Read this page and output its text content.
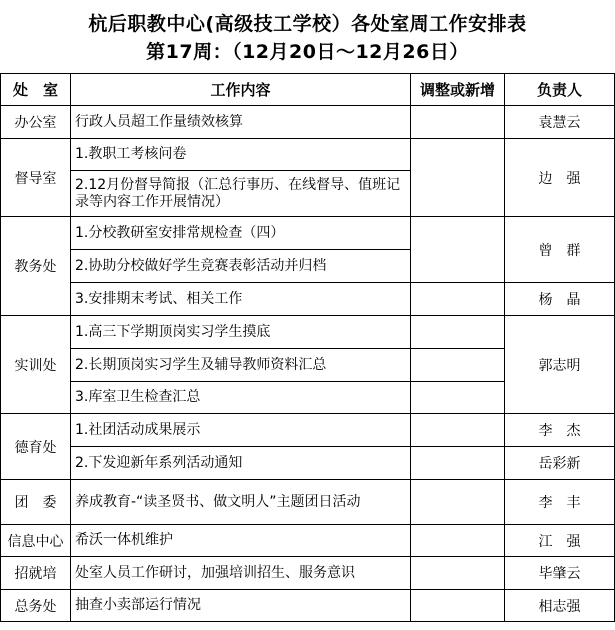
杭后职教中心(高级技工学校）各处室周工作安排表
第17周：（12月20日～12月26日）
处　室	工作内容	调整或新增	负责人
办公室	行政人员超工作量绩效核算		袁慧云
督导室	1.教职工考核问卷		边　强
	2.12月份督导简报（汇总行事历、在线督导、值班记录等内容工作开展情况）		
教务处	1.分校教研室安排常规检查（四）		曾　群
	2.协助分校做好学生竞赛表彰活动并归档		
	3.安排期末考试、相关工作		杨　晶
实训处	1.高三下学期顶岗实习学生摸底		郭志明
	2.长期顶岗实习学生及辅导教师资料汇总		
	3.库室卫生检查汇总		
德育处	1.社团活动成果展示		李　杰
	2.下发迎新年系列活动通知		岳彩新
团　委	养成教育-“读圣贤书、做文明人”主题团日活动		李　丰
信息中心	希沃一体机维护		江　强
招就培	处室人员工作研讨，加强培训招生、服务意识		毕肇云
总务处	抽查小卖部运行情况		相志强
